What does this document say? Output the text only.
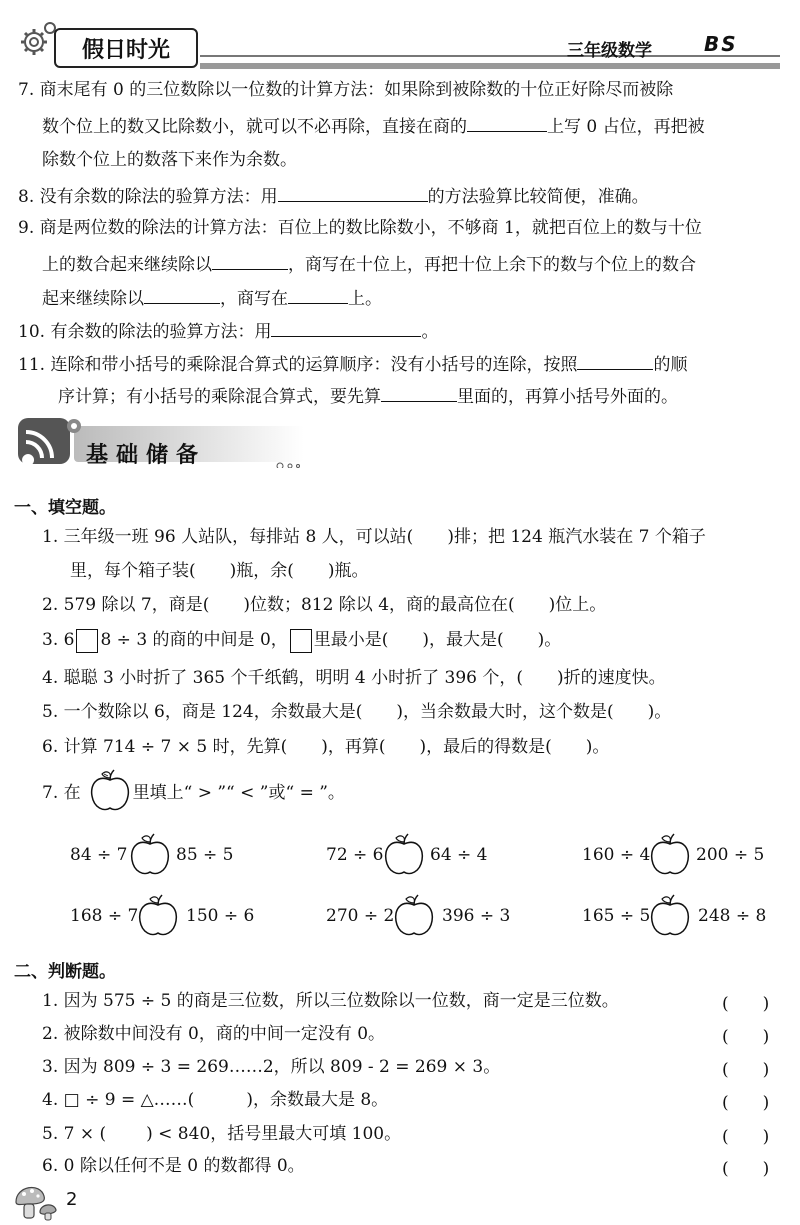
假日时光	三年级数学	BS
7. 商末尾有 0 的三位数除以一位数的计算方法：如果除到被除数的十位正好除尽而被除
数个位上的数又比除数小，就可以不必再除，直接在商的	上写 0 占位，再把被
除数个位上的数落下来作为余数。
8. 没有余数的除法的验算方法：用	的方法验算比较简便，准确。
9. 商是两位数的除法的计算方法：百位上的数比除数小，不够商 1，就把百位上的数与十位
上的数合起来继续除以	，商写在十位上，再把十位上余下的数与个位上的数合
起来继续除以	，商写在	上。
10. 有余数的除法的验算方法：用	。
11. 连除和带小括号的乘除混合算式的运算顺序：没有小括号的连除，按照	的顺
序计算；有小括号的乘除混合算式，要先算	里面的，再算小括号外面的。
基础储备
一、填空题。
1. 三年级一班 96 人站队，每排站 8 人，可以站( )排；把 124 瓶汽水装在 7 个箱子
里，每个箱子装( )瓶，余( )瓶。
2. 579 除以 7，商是( )位数；812 除以 4，商的最高位在( )位上。
3. 6 8 ÷ 3 的商的中间是 0， 里最小是( )，最大是( )。
4. 聪聪 3 小时折了 365 个千纸鹤，明明 4 小时折了 396 个，( )折的速度快。
5. 一个数除以 6，商是 124，余数最大是( )，当余数最大时，这个数是( )。
6. 计算 714 ÷ 7 × 5 时，先算( )，再算( )，最后的得数是( )。
7. 在	里填上“ > ”“ < ”或“ = ”。
84 ÷ 7	85 ÷ 5	72 ÷ 6	64 ÷ 4	160 ÷ 4	200 ÷ 5
168 ÷ 7	150 ÷ 6	270 ÷ 2	396 ÷ 3	165 ÷ 5	248 ÷ 8
二、判断题。
1. 因为 575 ÷ 5 的商是三位数，所以三位数除以一位数，商一定是三位数。	(　　)
2. 被除数中间没有 0，商的中间一定没有 0。	(　　)
3. 因为 809 ÷ 3 = 269……2，所以 809 - 2 = 269 × 3。	(　　)
4. □ ÷ 9 = △……(	)，余数最大是 8。	(　　)
5. 7 × ( ) < 840，括号里最大可填 100。	(　　)
6. 0 除以任何不是 0 的数都得 0。	(　　)
2
